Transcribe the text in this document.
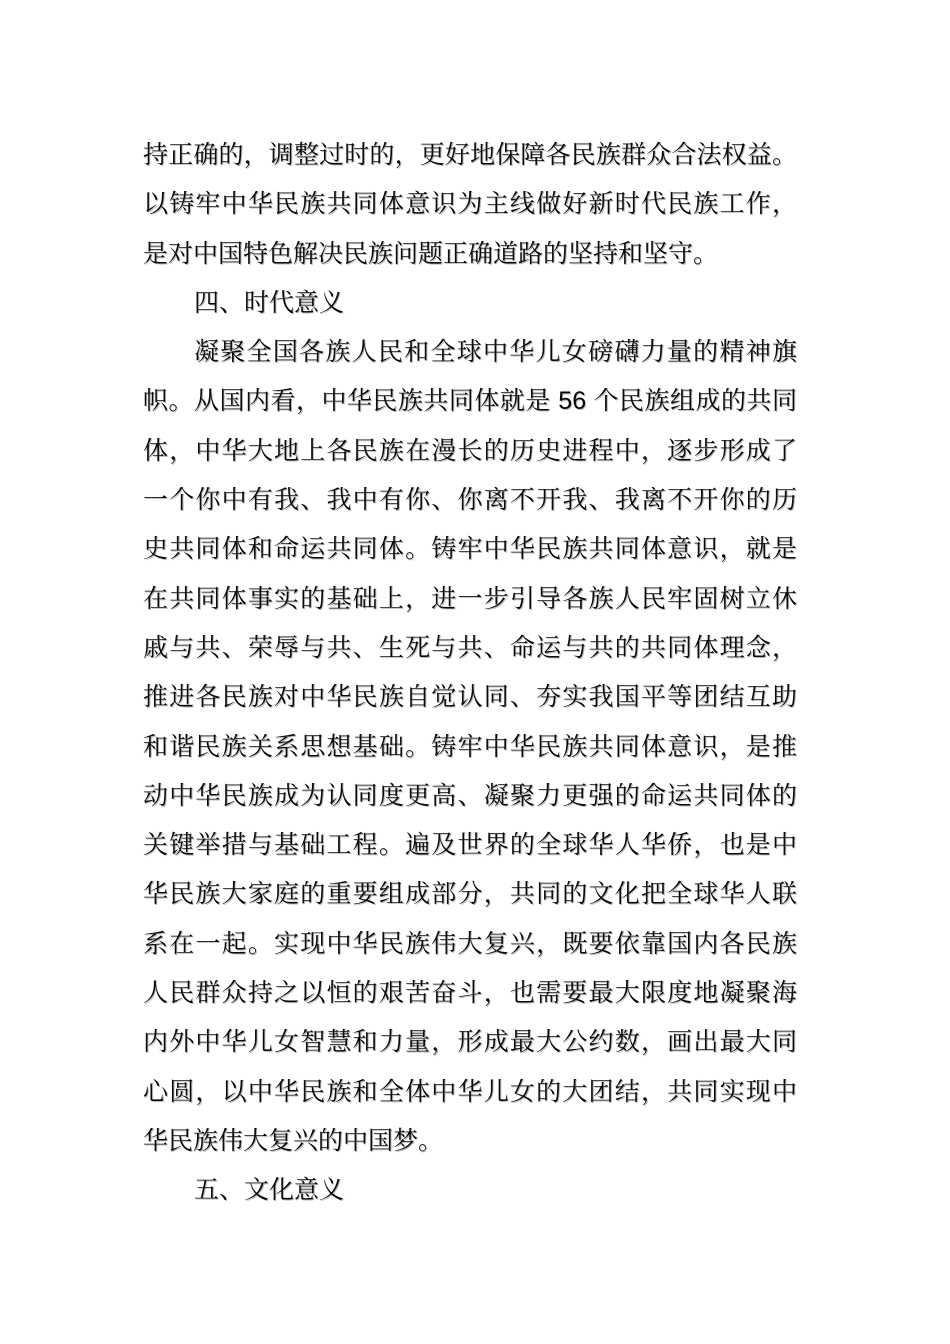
持正确的，调整过时的，更好地保障各民族群众合法权益。
以铸牢中华民族共同体意识为主线做好新时代民族工作，
是对中国特色解决民族问题正确道路的坚持和坚守。
四、时代意义
凝聚全国各族人民和全球中华儿女磅礴力量的精神旗
帜。从国内看，中华民族共同体就是 56 个民族组成的共同
体，中华大地上各民族在漫长的历史进程中，逐步形成了
一个你中有我、我中有你、你离不开我、我离不开你的历
史共同体和命运共同体。铸牢中华民族共同体意识，就是
在共同体事实的基础上，进一步引导各族人民牢固树立休
戚与共、荣辱与共、生死与共、命运与共的共同体理念，
推进各民族对中华民族自觉认同、夯实我国平等团结互助
和谐民族关系思想基础。铸牢中华民族共同体意识，是推
动中华民族成为认同度更高、凝聚力更强的命运共同体的
关键举措与基础工程。遍及世界的全球华人华侨，也是中
华民族大家庭的重要组成部分，共同的文化把全球华人联
系在一起。实现中华民族伟大复兴，既要依靠国内各民族
人民群众持之以恒的艰苦奋斗，也需要最大限度地凝聚海
内外中华儿女智慧和力量，形成最大公约数，画出最大同
心圆，以中华民族和全体中华儿女的大团结，共同实现中
华民族伟大复兴的中国梦。
五、文化意义
